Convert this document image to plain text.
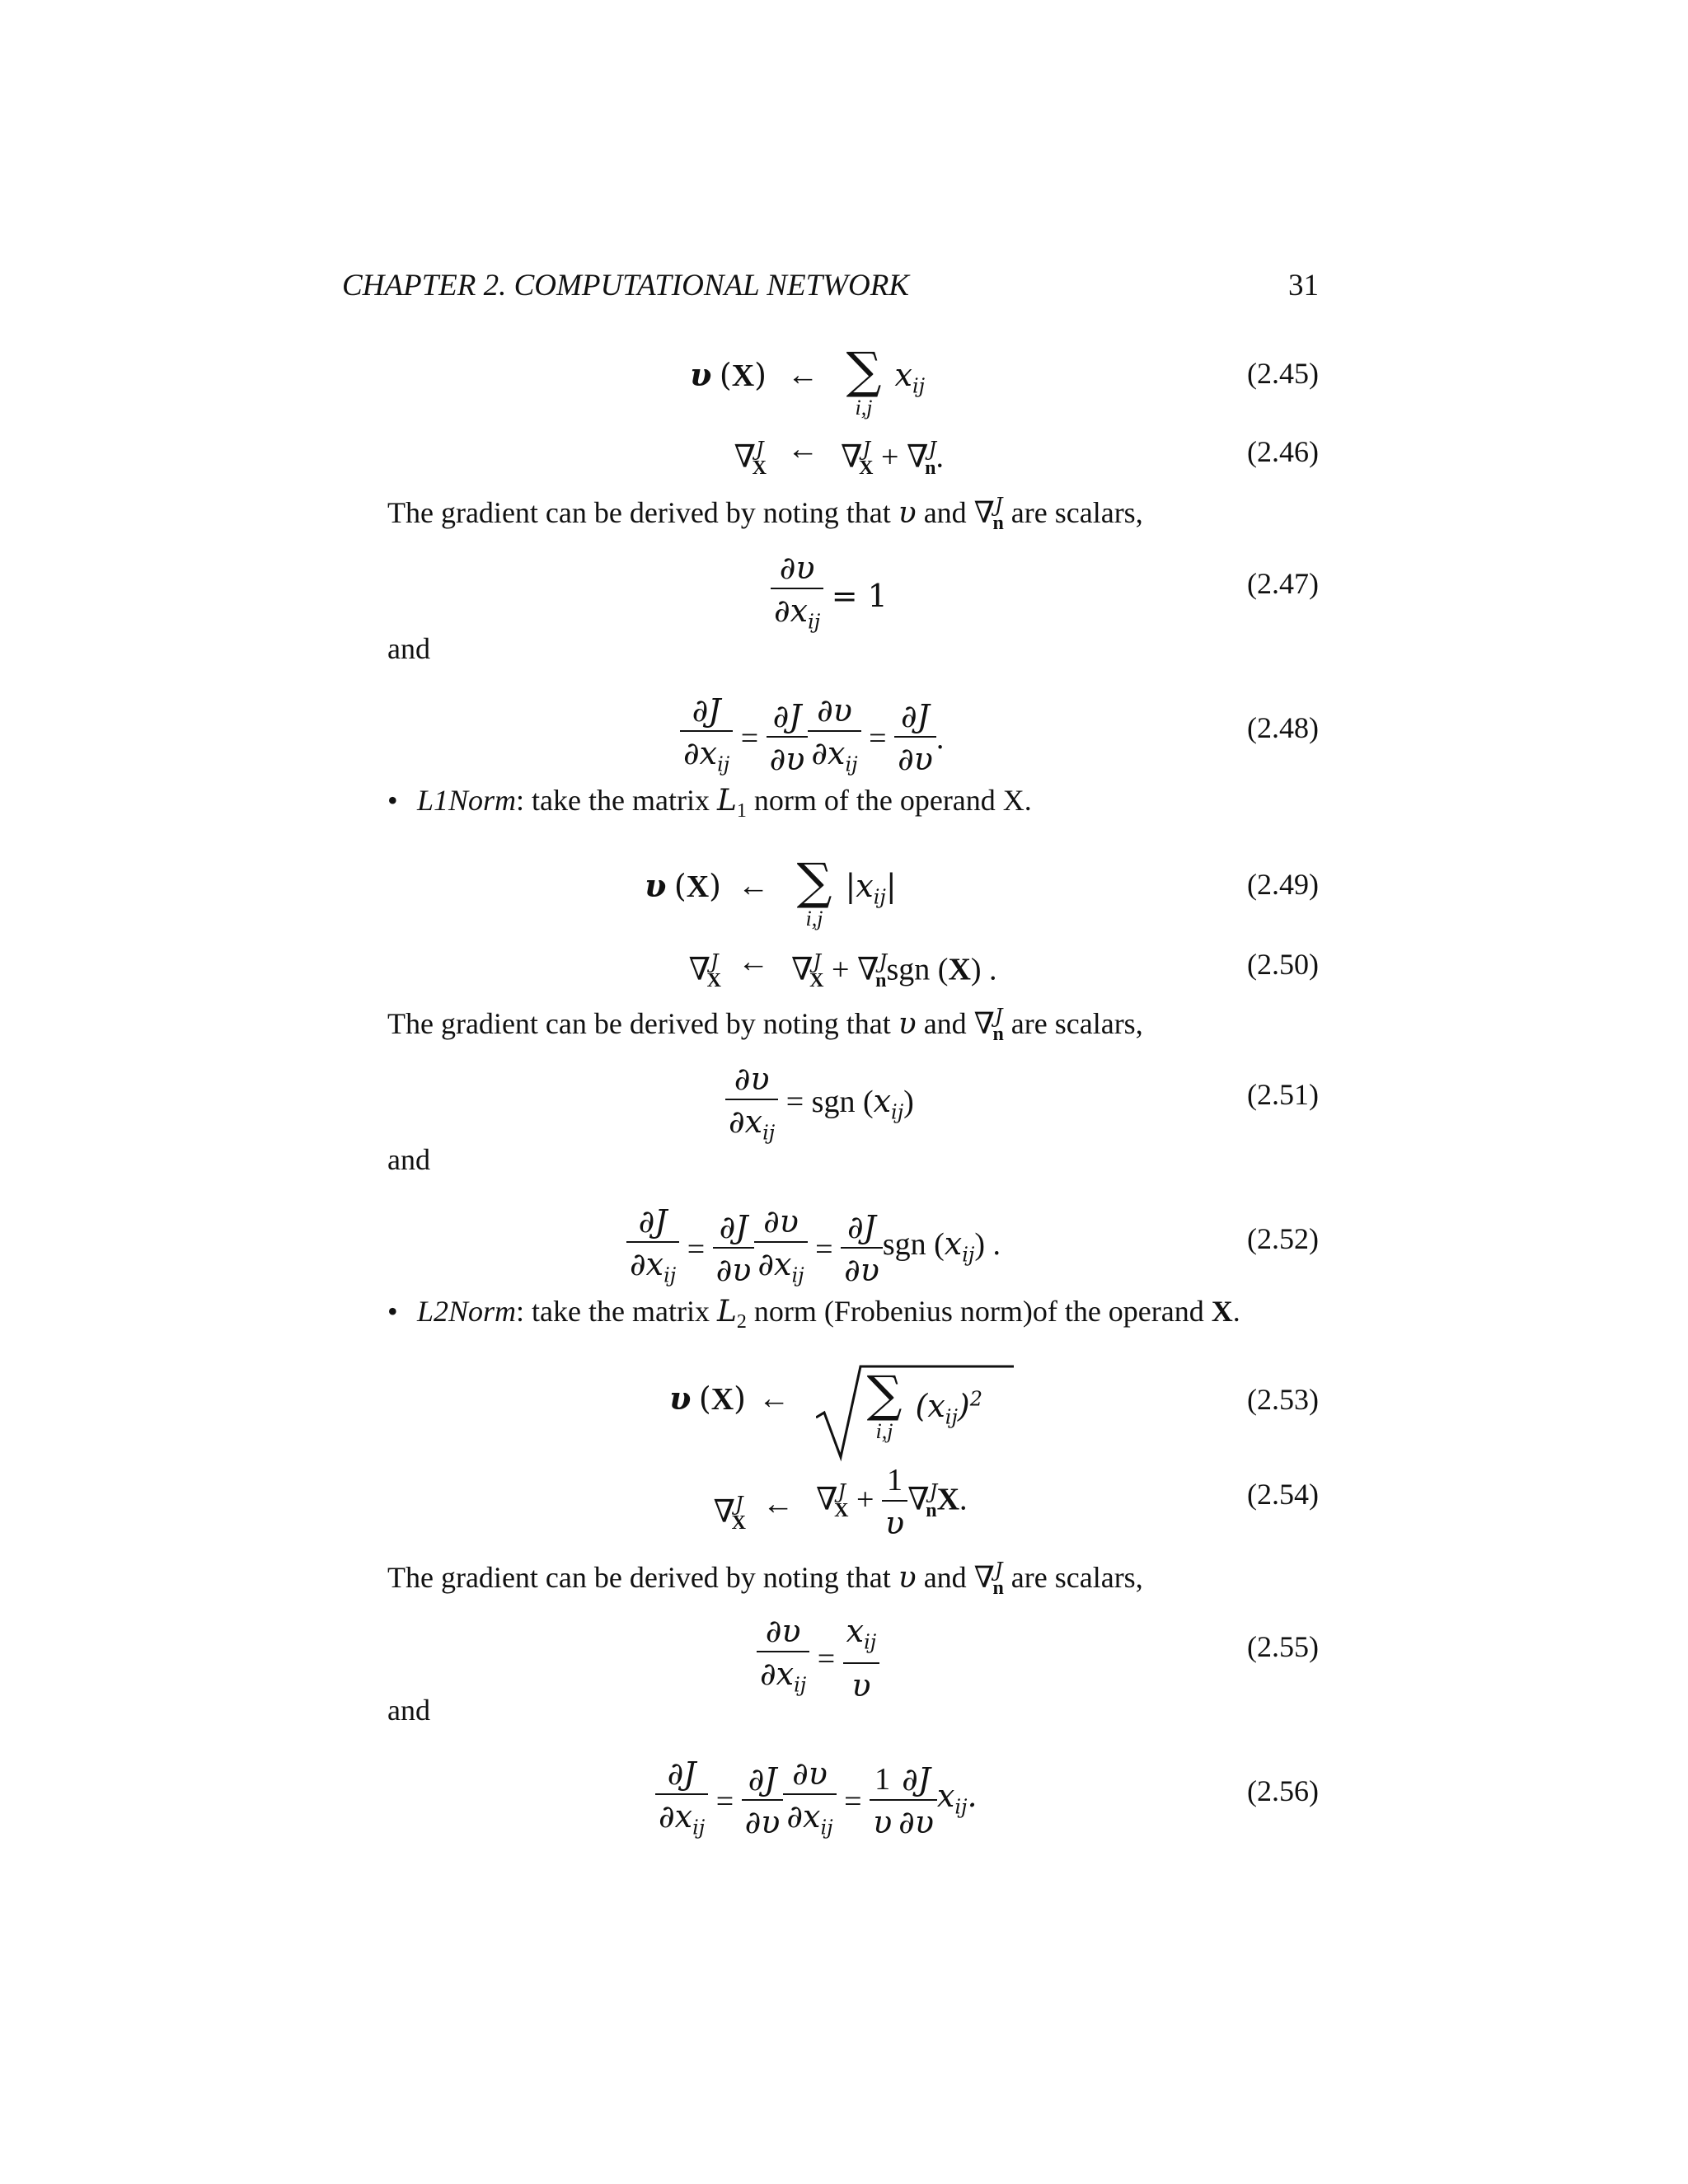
CHAPTER 2. COMPUTATIONAL NETWORK	31
υ (X) ← ∑
i,j
$x_{ij}$	(2.45)
∇$^J_X$
← ∇$^J_X$ + ∇$^J_n$.	(2.46)
The gradient can be derived by noting that υ and ∇$^J_n$ are scalars,
$\frac{\partial\upsilon}{\partial x_{ij}} = 1$	(2.47)
and
$\frac{\partial J}{\partial x_{ij}} = \frac{\partial J}{\partial\upsilon} \frac{\partial\upsilon}{\partial x_{ij}} = \frac{\partial J}{\partial\upsilon}$ .	(2.48)
• L1Norm: take the matrix $L_1$ norm of the operand X.
υ (X) ← ∑
i,j
$|x_{ij}|$	(2.49)
∇$^J_X$
← ∇$^J_X$ + ∇$^J_n$sgn (X) .	(2.50)
The gradient can be derived by noting that υ and ∇$^J_n$ are scalars,
$\frac{\partial\upsilon}{\partial x_{ij}}$ = sgn $(x_{ij})$	(2.51)
and
$\frac{\partial J}{\partial x_{ij}} = \frac{\partial J}{\partial\upsilon} \frac{\partial\upsilon}{\partial x_{ij}} = \frac{\partial J}{\partial\upsilon}$ sgn $(x_{ij})$ .	(2.52)
• L2Norm: take the matrix $L_2$ norm (Frobenius norm)of the operand X.
υ (X) ← ∑
i,j
$(x_{ij})^2$	(2.53)
∇$^J_X$
← $\nabla^J_X + \frac{1}{\upsilon} \nabla^J_nX$.	(2.54)
The gradient can be derived by noting that υ and ∇$^J_n$ are scalars,
$\frac{\partial\upsilon}{\partial x_{ij}} = \frac{x_{ij}}{\upsilon}$	(2.55)
and
$\frac{\partial J}{\partial x_{ij}} = \frac{\partial J}{\partial\upsilon} \frac{\partial\upsilon}{\partial x_{ij}} = \frac{1}{\upsilon} \frac{\partial J}{\partial\upsilon} x_{ij}$.	(2.56)
